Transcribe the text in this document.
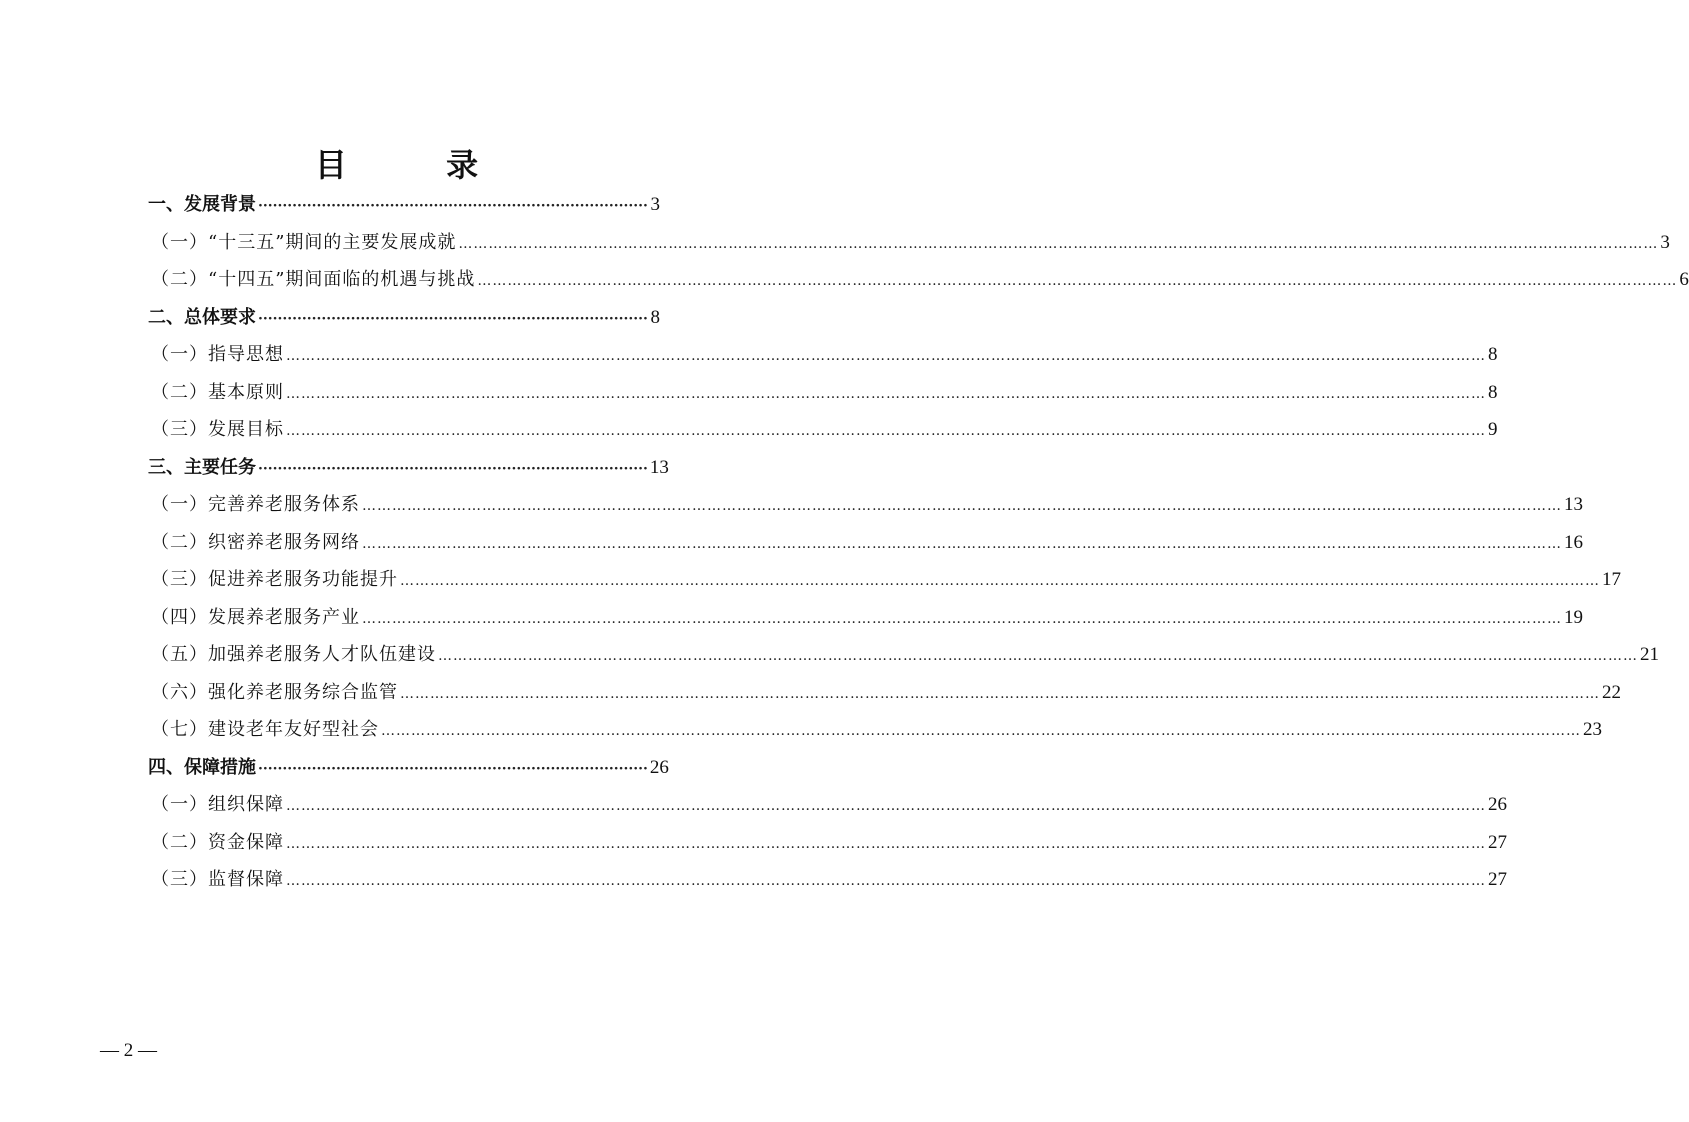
目 录
一、发展背景 ················································································ 3
（一）“十三五”期间的主要发展成就 …………………………………………………………………………………………………………………………………………………………………………………………………………………… 3
（二）“十四五”期间面临的机遇与挑战 …………………………………………………………………………………………………………………………………………………………………………………………………………………… 6
二、总体要求 ················································································ 8
（一）指导思想 …………………………………………………………………………………………………………………………………………………………………………………………………………………… 8
（二）基本原则 …………………………………………………………………………………………………………………………………………………………………………………………………………………… 8
（三）发展目标 …………………………………………………………………………………………………………………………………………………………………………………………………………………… 9
三、主要任务 ················································································ 13
（一）完善养老服务体系 …………………………………………………………………………………………………………………………………………………………………………………………………………………… 13
（二）织密养老服务网络 …………………………………………………………………………………………………………………………………………………………………………………………………………………… 16
（三）促进养老服务功能提升 …………………………………………………………………………………………………………………………………………………………………………………………………………………… 17
（四）发展养老服务产业 …………………………………………………………………………………………………………………………………………………………………………………………………………………… 19
（五）加强养老服务人才队伍建设 …………………………………………………………………………………………………………………………………………………………………………………………………………………… 21
（六）强化养老服务综合监管 …………………………………………………………………………………………………………………………………………………………………………………………………………………… 22
（七）建设老年友好型社会 …………………………………………………………………………………………………………………………………………………………………………………………………………………… 23
四、保障措施 ················································································ 26
（一）组织保障 …………………………………………………………………………………………………………………………………………………………………………………………………………………… 26
（二）资金保障 …………………………………………………………………………………………………………………………………………………………………………………………………………………… 27
（三）监督保障 …………………………………………………………………………………………………………………………………………………………………………………………………………………… 27
— 2 —
